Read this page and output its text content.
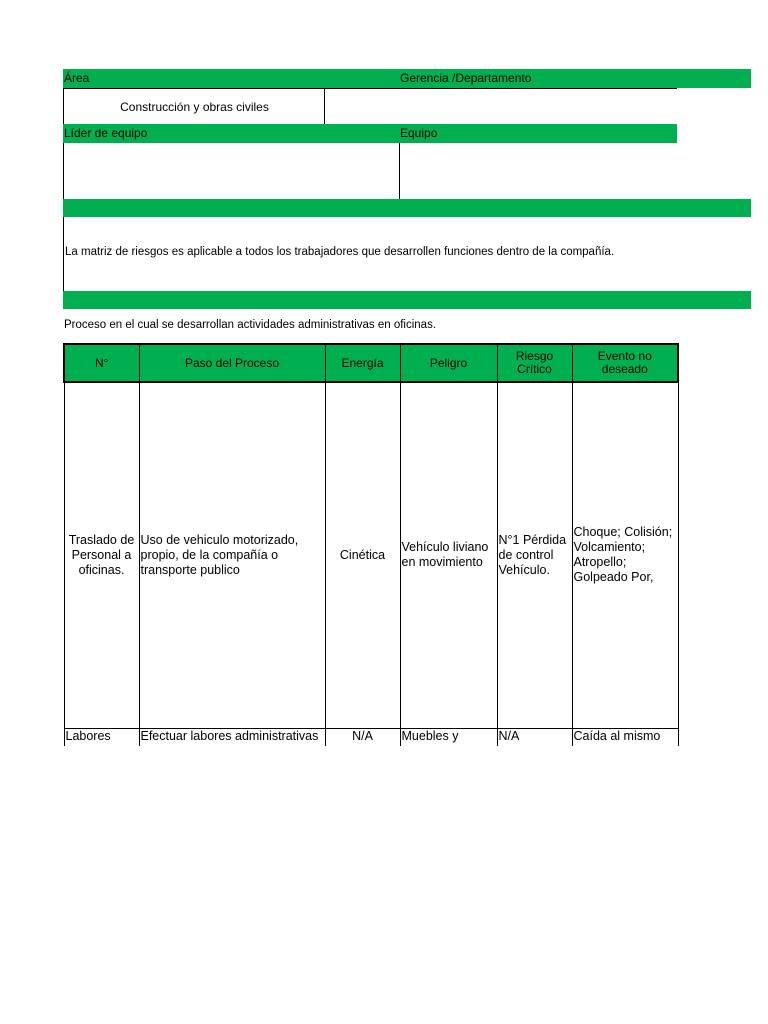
Área	Gerencia /Departamento
Construcción y obras civiles
Líder de equipo	Equipo
La matriz de riesgos es aplicable a todos los trabajadores que desarrollen funciones dentro de la compañía.
Proceso en el cual se desarrollan actividades administrativas en oficinas.
N°	Paso del Proceso	Energía	Peligro	Riesgo Crítico	Evento no deseado
Traslado de Personal a oficinas.	Uso de vehiculo motorizado, propio, de la compañía o transporte publico	Cinética	Vehículo liviano en movimiento	N°1 Pérdida de control Vehículo.	Choque; Colisión; Volcamiento; Atropello; Golpeado Por,

Labores	Efectuar labores administrativas	N/A	Muebles y	N/A	Caída al mismo
